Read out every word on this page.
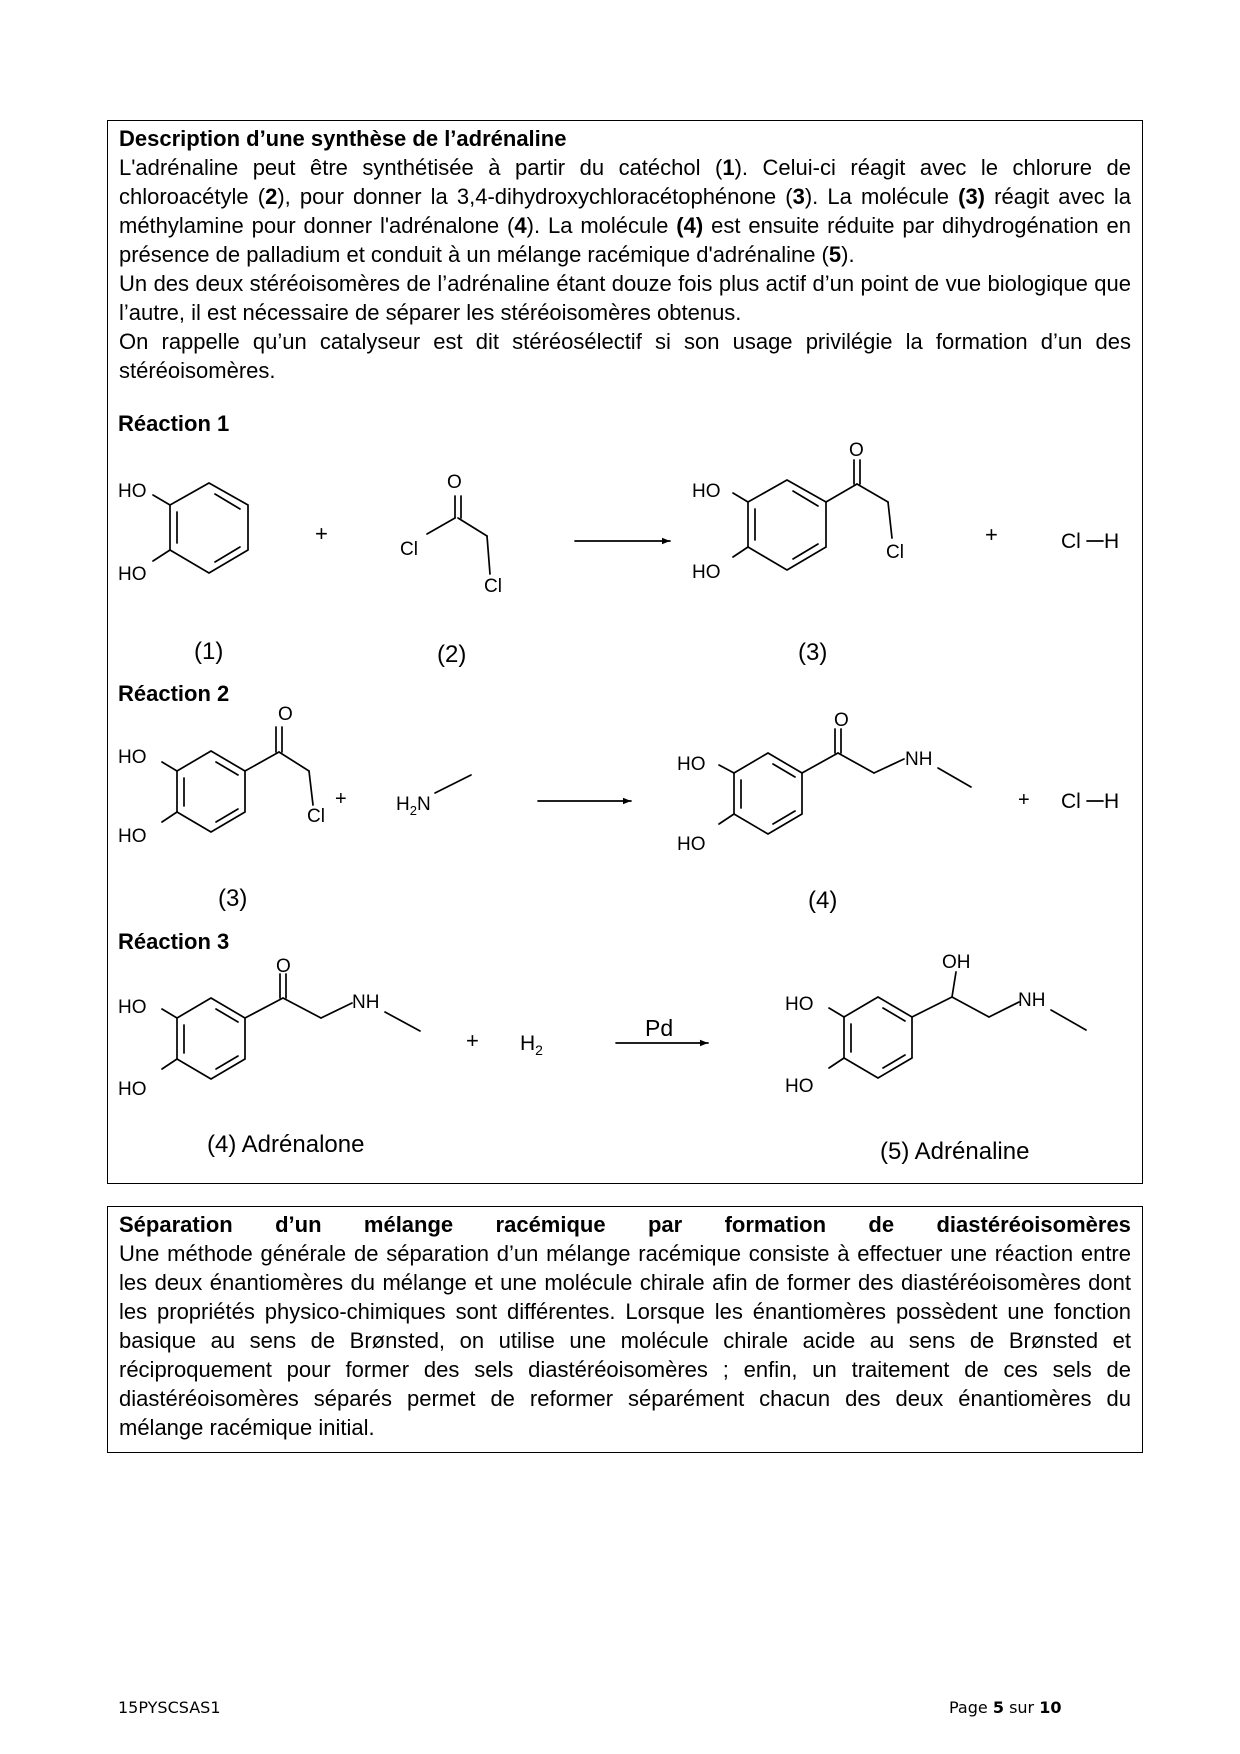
Description d’une synthèse de l’adrénaline

L'adrénaline peut être synthétisée à partir du catéchol (1). Celui-ci réagit avec le chlorure de chloroacétyle (2), pour donner la 3,4-dihydroxychloracétophénone (3). La molécule (3) réagit avec la méthylamine pour donner l'adrénalone (4). La molécule (4) est ensuite réduite par dihydrogénation en présence de palladium et conduit à un mélange racémique d'adrénaline (5).

Un des deux stéréoisomères de l’adrénaline étant douze fois plus actif d’un point de vue biologique que l’autre, il est nécessaire de séparer les stéréoisomères obtenus.

On rappelle qu’un catalyseur est dit stéréosélectif si son usage privilégie la formation d’un des stéréoisomères.

Réaction 1
Réaction 2
Réaction 3
(1)	(2)	(3)
(3)	(4)
(4) Adrénalone	(5) Adrénaline
HO
HO
+
O
Cl
Cl
HO
HO
O
Cl
+	Cl H
O
HO
HO
Cl
+	$H_2N$
O
HO
HO
NH
+ Cl H
O
HO
HO
NH
+ $H_2$
Pd
OH
HO
HO
NH
Séparation d’un mélange racémique par formation de diastéréoisomères

Une méthode générale de séparation d’un mélange racémique consiste à effectuer une réaction entre les deux énantiomères du mélange et une molécule chirale afin de former des diastéréoisomères dont les propriétés physico-chimiques sont différentes. Lorsque les énantiomères possèdent une fonction basique au sens de Brønsted, on utilise une molécule chirale acide au sens de Brønsted et réciproquement pour former des sels diastéréoisomères ; enfin, un traitement de ces sels de diastéréoisomères séparés permet de reformer séparément chacun des deux énantiomères du mélange racémique initial.

15PYSCSAS1	Page 5 sur 10
